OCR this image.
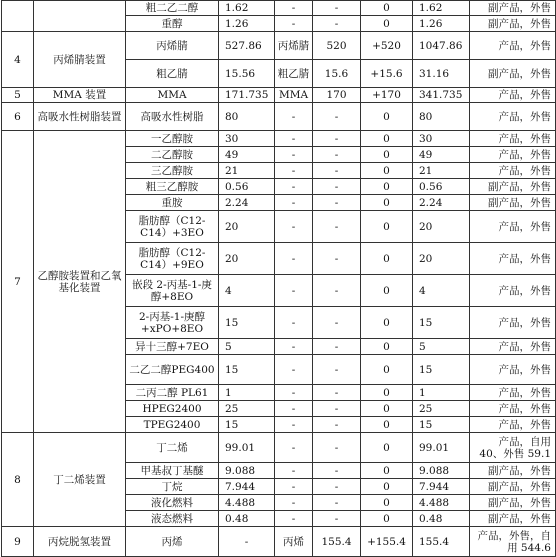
		粗二乙二醇	1.62	-	-	0	1.62	副产品，外售
		重醇	1.26	-	-	0	1.26	副产品，外售
4	丙烯腈装置	丙烯腈	527.86	丙烯腈	520	+520	1047.86	产品，外售
		粗乙腈	15.56	粗乙腈	15.6	+15.6	31.16	副产品，外售
5	MMA 装置	MMA	171.735	MMA	170	+170	341.735	产品，外售
6	高吸水性树脂装置	高吸水性树脂	80	-	-	0	80	产品，外售
7	乙醇胺装置和乙氧基化装置	一乙醇胺	30	-	-	0	30	产品，外售
		二乙醇胺	49	-	-	0	49	产品，外售
		三乙醇胺	21	-	-	0	21	产品，外售
		粗三乙醇胺	0.56	-	-	0	0.56	副产品，外售
		重胺	2.24	-	-	0	2.24	副产品，外售
		脂肪醇（C12-C14）+3EO	20	-	-	0	20	产品，外售
		脂肪醇（C12-C14）+9EO	20	-	-	0	20	产品，外售
		嵌段 2-丙基-1-庚醇+8EO	4	-	-	0	4	产品，外售
		2-丙基-1-庚醇+xPO+8EO	15	-	-	0	15	产品，外售
		异十三醇+7EO	5	-	-	0	5	产品，外售
		二乙二醇PEG400	15	-	-	0	15	产品，外售
		二丙二醇 PL61	1	-	-	0	1	产品，外售
		HPEG2400	25	-	-	0	25	产品，外售
		TPEG2400	15	-	-	0	15	产品，外售
8	丁二烯装置	丁二烯	99.01	-	-	0	99.01	产品，自用 40、外售 59.1
		甲基叔丁基醚	9.088	-	-	0	9.088	副产品，外售
		丁烷	7.944	-	-	0	7.944	副产品，外售
		液化燃料	4.488	-	-	0	4.488	副产品，外售
		液态燃料	0.48	-	-	0	0.48	副产品，外售
9	丙烷脱氢装置	丙烯	-	丙烯	155.4	+155.4	155.4	产品，外售，自用 544.6
